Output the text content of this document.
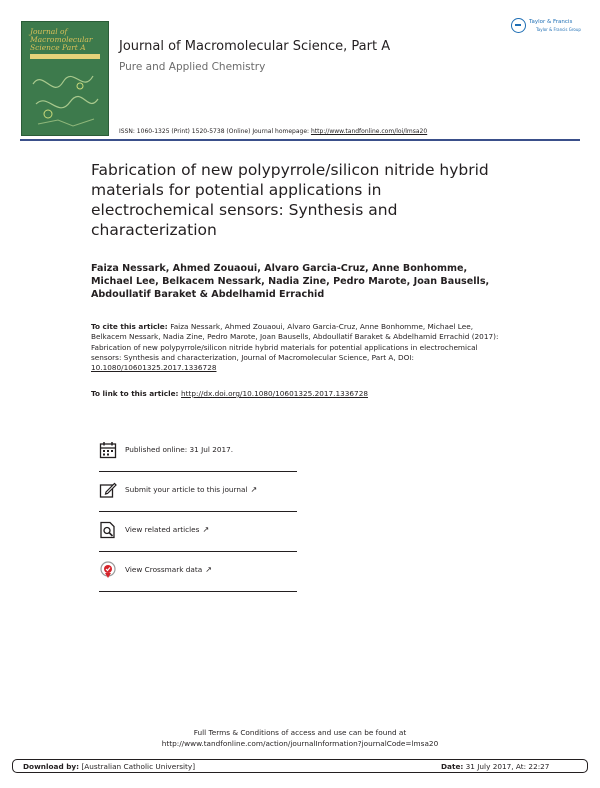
Journal of Macromolecular Science Part A	Journal of Macromolecular Science, Part A
Pure and Applied Chemistry
Taylor & Francis
Taylor & Francis Group
ISSN: 1060-1325 (Print) 1520-5738 (Online) Journal homepage: http://www.tandfonline.com/loi/lmsa20
Fabrication of new polypyrrole/silicon nitride hybrid materials for potential applications in electrochemical sensors: Synthesis and characterization
Faiza Nessark, Ahmed Zouaoui, Alvaro Garcia-Cruz, Anne Bonhomme, Michael Lee, Belkacem Nessark, Nadia Zine, Pedro Marote, Joan Bausells, Abdoullatif Baraket & Abdelhamid Errachid
To cite this article: Faiza Nessark, Ahmed Zouaoui, Alvaro Garcia-Cruz, Anne Bonhomme, Michael Lee, Belkacem Nessark, Nadia Zine, Pedro Marote, Joan Bausells, Abdoullatif Baraket & Abdelhamid Errachid (2017): Fabrication of new polypyrrole/silicon nitride hybrid materials for potential applications in electrochemical sensors: Synthesis and characterization, Journal of Macromolecular Science, Part A, DOI: 10.1080/10601325.2017.1336728
To link to this article: http://dx.doi.org/10.1080/10601325.2017.1336728
Published online: 31 Jul 2017.
Submit your article to this journal ↗
View related articles ↗
View Crossmark data ↗
Full Terms & Conditions of access and use can be found at
http://www.tandfonline.com/action/journalInformation?journalCode=lmsa20
Download by: [Australian Catholic University]	Date: 31 July 2017, At: 22:27
